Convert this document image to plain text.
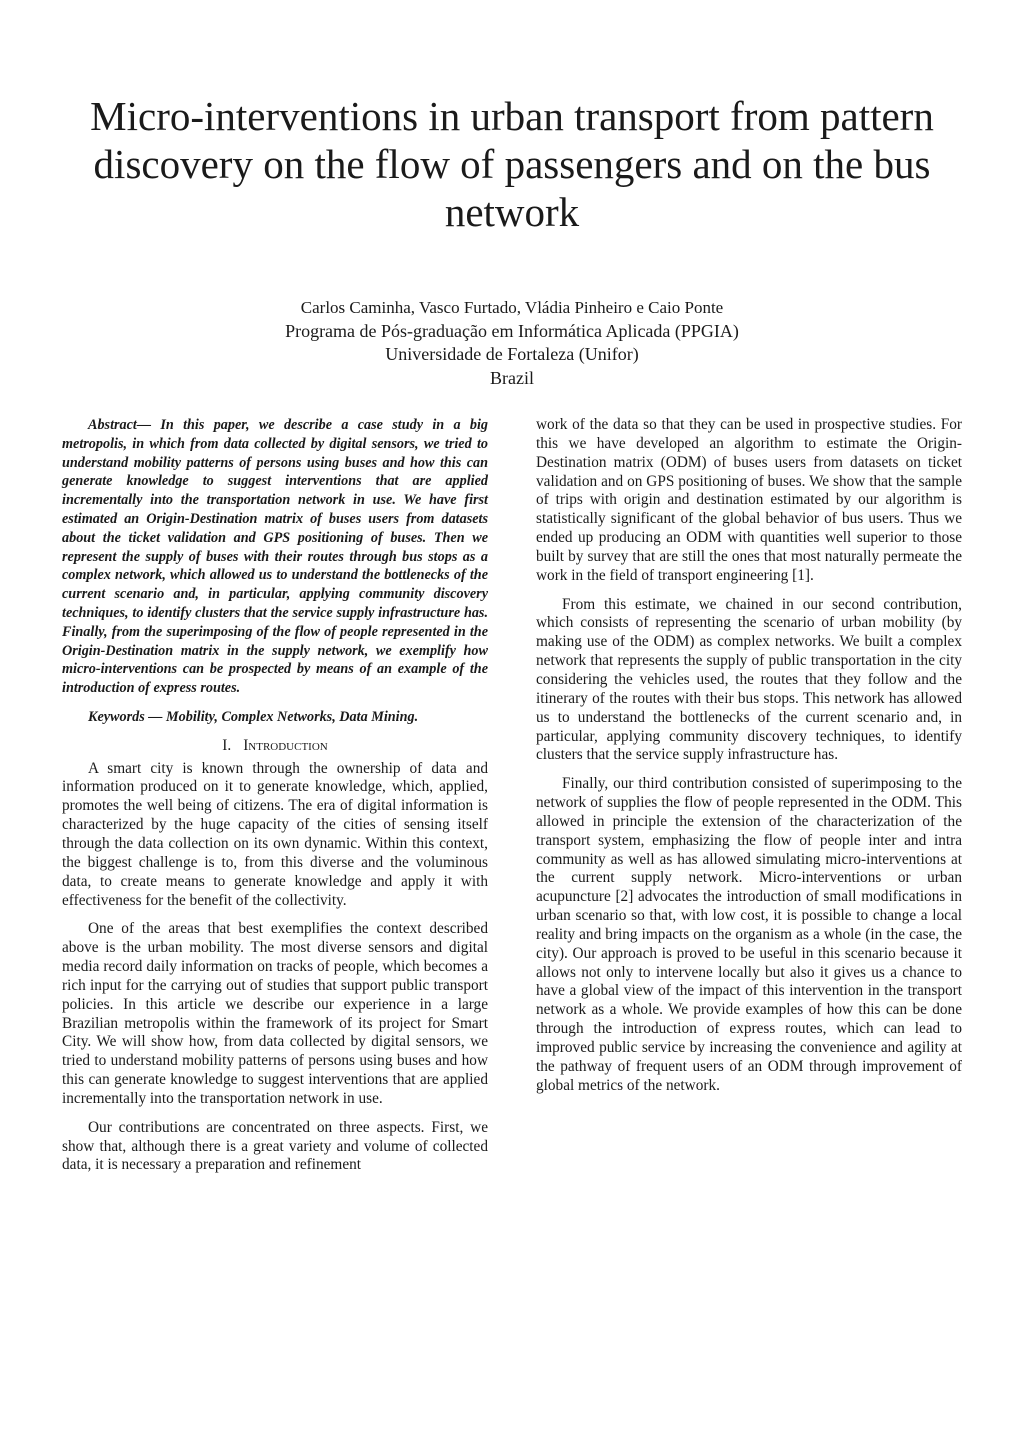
Micro-interventions in urban transport from pattern discovery on the flow of passengers and on the bus network
Carlos Caminha, Vasco Furtado, Vládia Pinheiro e Caio Ponte
Programa de Pós-graduação em Informática Aplicada (PPGIA)
Universidade de Fortaleza (Unifor)
Brazil

Abstract— In this paper, we describe a case study in a big metropolis, in which from data collected by digital sensors, we tried to understand mobility patterns of persons using buses and how this can generate knowledge to suggest interventions that are applied incrementally into the transportation network in use. We have first estimated an Origin-Destination matrix of buses users from datasets about the ticket validation and GPS positioning of buses. Then we represent the supply of buses with their routes through bus stops as a complex network, which allowed us to understand the bottlenecks of the current scenario and, in particular, applying community discovery techniques, to identify clusters that the service supply infrastructure has. Finally, from the superimposing of the flow of people represented in the Origin-Destination matrix in the supply network, we exemplify how micro-interventions can be prospected by means of an example of the introduction of express routes.

Keywords — Mobility, Complex Networks, Data Mining.

I. Introduction

A smart city is known through the ownership of data and information produced on it to generate knowledge, which, applied, promotes the well being of citizens. The era of digital information is characterized by the huge capacity of the cities of sensing itself through the data collection on its own dynamic. Within this context, the biggest challenge is to, from this diverse and the voluminous data, to create means to generate knowledge and apply it with effectiveness for the benefit of the collectivity.

One of the areas that best exemplifies the context described above is the urban mobility. The most diverse sensors and digital media record daily information on tracks of people, which becomes a rich input for the carrying out of studies that support public transport policies. In this article we describe our experience in a large Brazilian metropolis within the framework of its project for Smart City. We will show how, from data collected by digital sensors, we tried to understand mobility patterns of persons using buses and how this can generate knowledge to suggest interventions that are applied incrementally into the transportation network in use.

Our contributions are concentrated on three aspects. First, we show that, although there is a great variety and volume of collected data, it is necessary a preparation and refinement

work of the data so that they can be used in prospective studies. For this we have developed an algorithm to estimate the Origin-Destination matrix (ODM) of buses users from datasets on ticket validation and on GPS positioning of buses. We show that the sample of trips with origin and destination estimated by our algorithm is statistically significant of the global behavior of bus users. Thus we ended up producing an ODM with quantities well superior to those built by survey that are still the ones that most naturally permeate the work in the field of transport engineering [1].

From this estimate, we chained in our second contribution, which consists of representing the scenario of urban mobility (by making use of the ODM) as complex networks. We built a complex network that represents the supply of public transportation in the city considering the vehicles used, the routes that they follow and the itinerary of the routes with their bus stops. This network has allowed us to understand the bottlenecks of the current scenario and, in particular, applying community discovery techniques, to identify clusters that the service supply infrastructure has.

Finally, our third contribution consisted of superimposing to the network of supplies the flow of people represented in the ODM. This allowed in principle the extension of the characterization of the transport system, emphasizing the flow of people inter and intra community as well as has allowed simulating micro-interventions at the current supply network. Micro-interventions or urban acupuncture [2] advocates the introduction of small modifications in urban scenario so that, with low cost, it is possible to change a local reality and bring impacts on the organism as a whole (in the case, the city). Our approach is proved to be useful in this scenario because it allows not only to intervene locally but also it gives us a chance to have a global view of the impact of this intervention in the transport network as a whole. We provide examples of how this can be done through the introduction of express routes, which can lead to improved public service by increasing the convenience and agility at the pathway of frequent users of an ODM through improvement of global metrics of the network.
